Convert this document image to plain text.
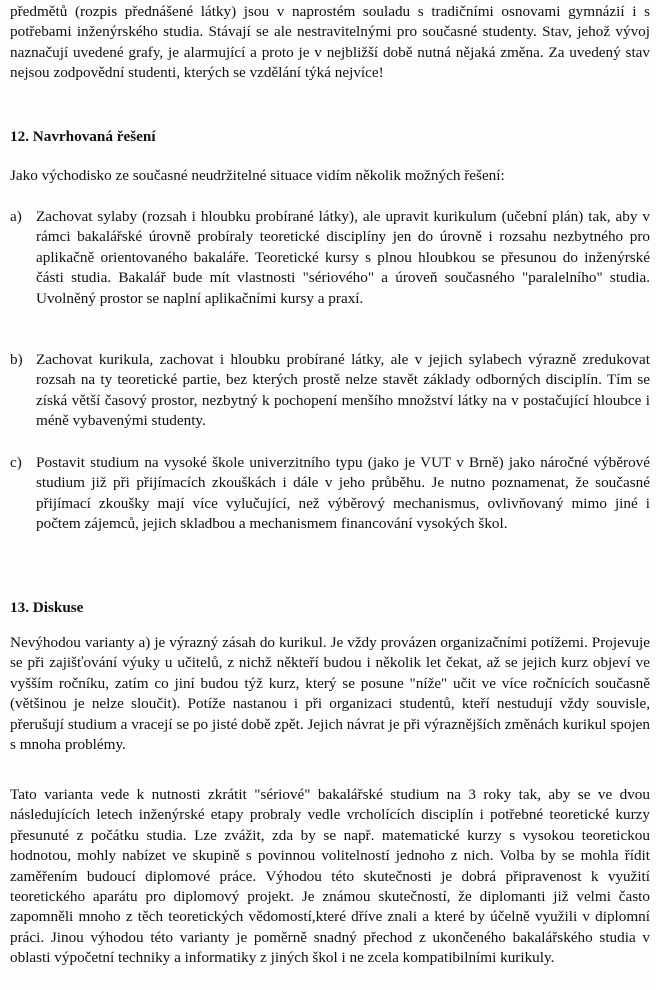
předmětů (rozpis přednášené látky) jsou v naprostém souladu s tradičními osnovami gymnázií i s potřebami inženýrského studia. Stávají se ale nestravitelnými pro současné studenty. Stav, jehož vývoj naznačují uvedené grafy, je alarmující a proto je v nejbližší době nutná nějaká změna. Za uvedený stav nejsou zodpovědní studenti, kterých se vzdělání týká nejvíce!

12. Navrhovaná řešení

Jako východisko ze současné neudržitelné situace vidím několik možných řešení:

a) Zachovat sylaby (rozsah i hloubku probírané látky), ale upravit kurikulum (učební plán) tak, aby v rámci bakalářské úrovně probíraly teoretické disciplíny jen do úrovně i rozsahu nezbytného pro aplikačně orientovaného bakaláře. Teoretické kursy s plnou hloubkou se přesunou do inženýrské části studia. Bakalář bude mít vlastnosti "sériového" a úroveň současného "paralelního" studia. Uvolněný prostor se naplní aplikačními kursy a praxí.
b) Zachovat kurikula, zachovat i hloubku probírané látky, ale v jejich sylabech výrazně zredukovat rozsah na ty teoretické partie, bez kterých prostě nelze stavět základy odborných disciplín. Tím se získá větší časový prostor, nezbytný k pochopení menšího množství látky na v postačující hloubce i méně vybavenými studenty.
c) Postavit studium na vysoké škole univerzitního typu (jako je VUT v Brně) jako náročné výběrové studium již při přijímacích zkouškách i dále v jeho průběhu. Je nutno poznamenat, že současné přijímací zkoušky mají více vylučující, než výběrový mechanismus, ovlivňovaný mimo jiné i počtem zájemců, jejich skladbou a mechanismem financování vysokých škol.

13. Diskuse

Nevýhodou varianty a) je výrazný zásah do kurikul. Je vždy provázen organizačními potížemi. Projevuje se při zajišťování výuky u učitelů, z nichž někteří budou i několik let čekat, až se jejich kurz objeví ve vyšším ročníku, zatím co jiní budou týž kurz, který se posune "níže" učit ve více ročnících současně (většinou je nelze sloučit). Potíže nastanou i při organizaci studentů, kteří nestudují vždy souvisle, přerušují studium a vracejí se po jisté době zpět. Jejich návrat je při výraznějších změnách kurikul spojen s mnoha problémy.

Tato varianta vede k nutnosti zkrátit "sériové" bakalářské studium na 3 roky tak, aby se ve dvou následujících letech inženýrské etapy probraly vedle vrcholících disciplín i potřebné teoretické kurzy přesunuté z počátku studia. Lze zvážit, zda by se např. matematické kurzy s vysokou teoretickou hodnotou, mohly nabízet ve skupině s povinnou volitelností jednoho z nich. Volba by se mohla řídit zaměřením budoucí diplomové práce. Výhodou této skutečnosti je dobrá připravenost k využití teoretického aparátu pro diplomový projekt. Je známou skutečností, že diplomanti již velmi často zapomněli mnoho z těch teoretických vědomostí,které dříve znali a které by účelně využili v diplomní práci. Jinou výhodou této varianty je poměrně snadný přechod z ukončeného bakalářského studia v oblasti výpočetní techniky a informatiky z jiných škol i ne zcela kompatibilními kurikuly.
